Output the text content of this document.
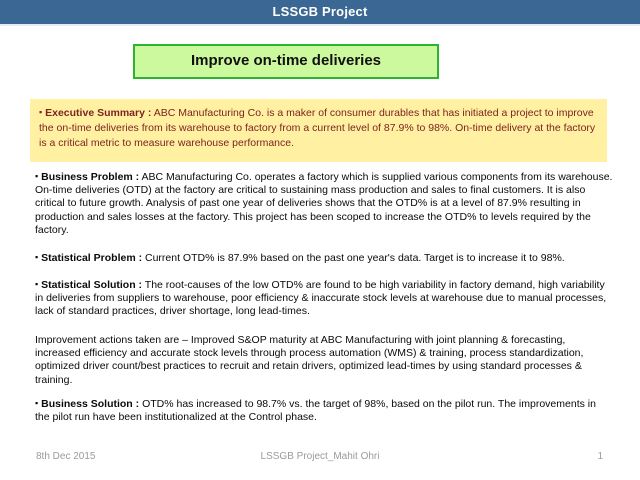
LSSGB Project
Improve on-time deliveries
▪ Executive Summary : ABC Manufacturing Co. is a maker of consumer durables that has initiated a project to improve the on-time deliveries from its warehouse to factory from a current level of 87.9% to 98%. On-time delivery at the factory is a critical metric to measure warehouse performance.
▪ Business Problem : ABC Manufacturing Co. operates a factory which is supplied various components from its warehouse. On-time deliveries (OTD) at the factory are critical to sustaining mass production and sales to final customers. It is also critical to future growth. Analysis of past one year of deliveries shows that the OTD% is at a level of 87.9% resulting in production and sales losses at the factory. This project has been scoped to increase the OTD% to levels required by the factory.
▪ Statistical Problem : Current OTD% is 87.9% based on the past one year's data. Target is to increase it to 98%.
▪ Statistical Solution : The root-causes of the low OTD% are found to be high variability in factory demand, high variability in deliveries from suppliers to warehouse, poor efficiency & inaccurate stock levels at warehouse due to manual processes, lack of standard practices, driver shortage, long lead-times.
Improvement actions taken are – Improved S&OP maturity at ABC Manufacturing with joint planning & forecasting, increased efficiency and accurate stock levels through process automation (WMS) & training, process standardization, optimized driver count/best practices to recruit and retain drivers, optimized lead-times by using standard processes & training.
▪ Business Solution : OTD% has increased to 98.7% vs. the target of 98%, based on the pilot run. The improvements in the pilot run have been institutionalized at the Control phase.
8th Dec 2015	LSSGB Project_Mahit Ohri	1
